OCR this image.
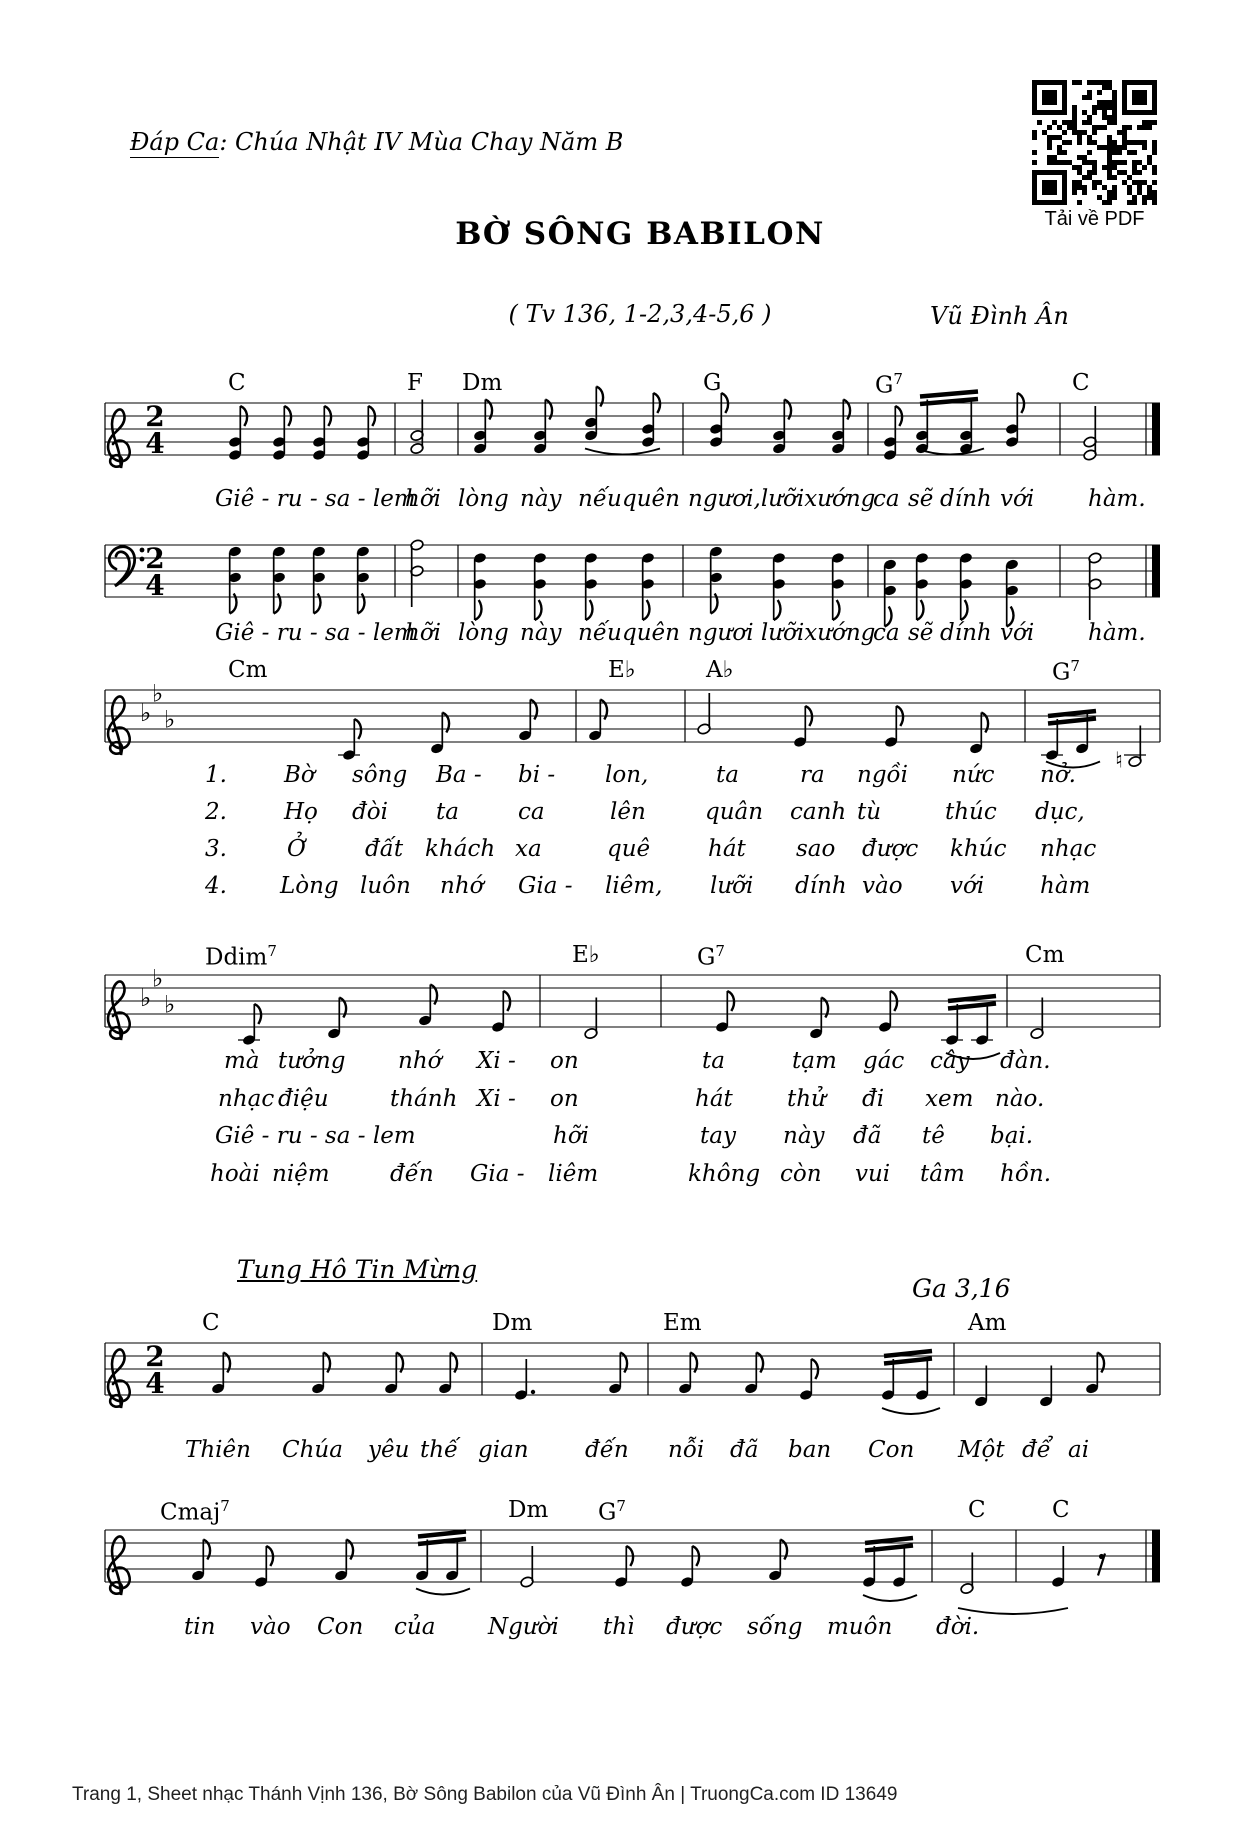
Đáp Ca: Chúa Nhật IV Mùa Chay Năm B
Tải về PDF
BỜ SÔNG BABILON
( Tv 136, 1-2,3,4-5,6 )	Vũ Đình Ân
Tung Hô Tin Mừng
Ga 3,16
2
4
2
4
♭
♭
♭
♮
♭
♭
♭
2
4
Giê - ru - sa - lem
hỡi lòng này nếu quên ngươi,lưỡixướng
ca sẽ dính với hàm.
Giê - ru - sa - lem
hỡi lòng này nếu quên ngươi lưỡixướng
ca sẽ dính với hàm.
1. Bờ sông Ba - bi - lon,	ta	ra ngồi nức nở.
2. Họ đòi ta	ca	lên	quân canh tù	thúc dục,
3.	Ở	đất khách xa	quê	hát sao được khúc nhạc
4. Lòng luôn nhớ Gia - liêm, lưỡi dính vào với hàm
mà tưởng nhớ Xi - on	ta	tạm gác cây đàn.
nhạc điệu	thánh Xi - on	hát thử đi xem nào.
Giê - ru - sa - lem	hỡi	tay này đã tê bại.
hoài niệm	đến Gia - liêm	không còn vui tâm hồn.
Thiên Chúa yêu thế gian đến nỗi đã ban Con Một để ai
tin vào Con của Người thì được sống muôn đời.
Trang 1, Sheet nhạc Thánh Vịnh 136, Bờ Sông Babilon của Vũ Đình Ân | TruongCa.com ID 13649
C	F Dm	G	$G^7$	C
Cm	E♭	A♭	$G^7$
Ddim$^7$	E♭	$G^7$	Cm
C	Dm	Em	Am
Cmaj$^7$	Dm $G^7$	C	C
